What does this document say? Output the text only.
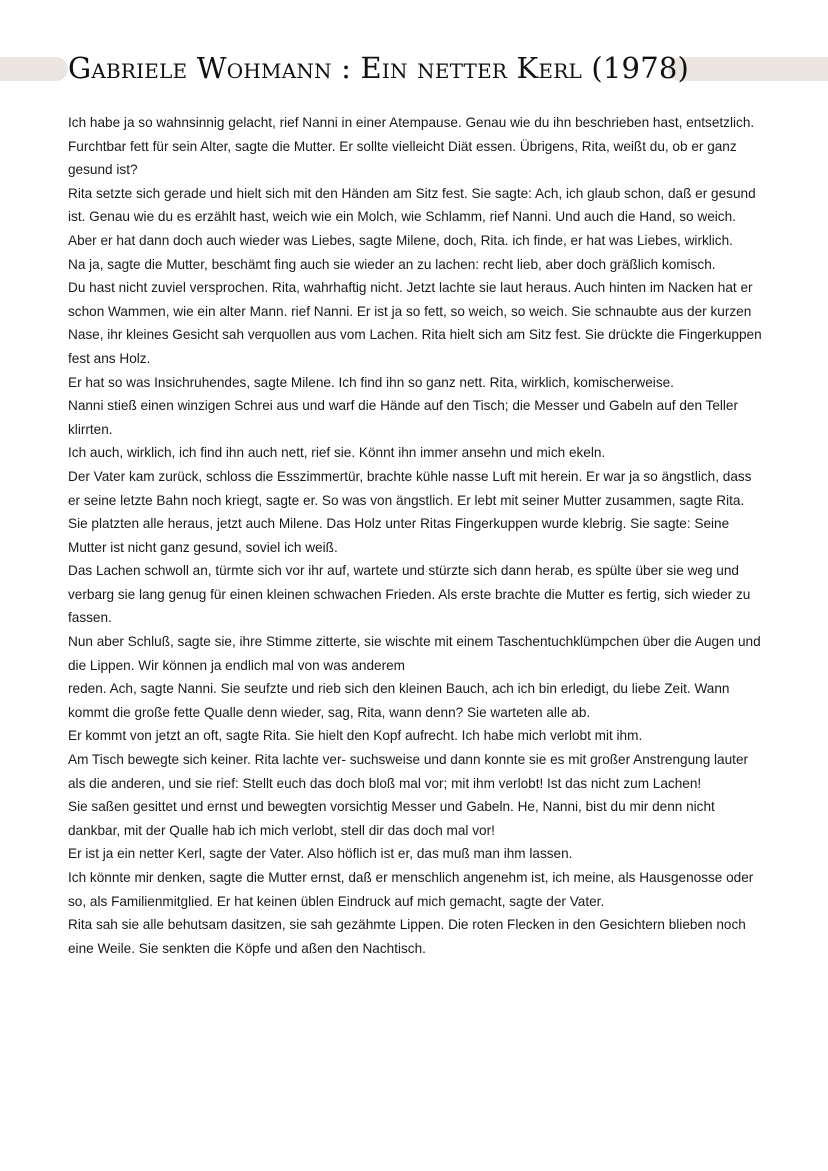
Gabriele Wohmann : Ein netter Kerl (1978)

Ich habe ja so wahnsinnig gelacht, rief Nanni in einer Atempause. Genau wie du ihn beschrieben hast, entsetzlich.

Furchtbar fett für sein Alter, sagte die Mutter. Er sollte vielleicht Diät essen. Übrigens, Rita, weißt du, ob er ganz gesund ist?

Rita setzte sich gerade und hielt sich mit den Händen am Sitz fest. Sie sagte: Ach, ich glaub schon, daß er gesund ist. Genau wie du es erzählt hast, weich wie ein Molch, wie Schlamm, rief Nanni. Und auch die Hand, so weich.

Aber er hat dann doch auch wieder was Liebes, sagte Milene, doch, Rita. ich finde, er hat was Liebes, wirklich.

Na ja, sagte die Mutter, beschämt fing auch sie wieder an zu lachen: recht lieb, aber doch gräßlich komisch.

Du hast nicht zuviel versprochen. Rita, wahrhaftig nicht. Jetzt lachte sie laut heraus. Auch hinten im Nacken hat er schon Wammen, wie ein alter Mann. rief Nanni. Er ist ja so fett, so weich, so weich. Sie schnaubte aus der kurzen Nase, ihr kleines Gesicht sah verquollen aus vom Lachen. Rita hielt sich am Sitz fest. Sie drückte die Fingerkuppen fest ans Holz.

Er hat so was Insichruhendes, sagte Milene. Ich find ihn so ganz nett. Rita, wirklich, komischerweise.

Nanni stieß einen winzigen Schrei aus und warf die Hände auf den Tisch; die Messer und Gabeln auf den Teller klirrten.

Ich auch, wirklich, ich find ihn auch nett, rief sie. Könnt ihn immer ansehn und mich ekeln.

Der Vater kam zurück, schloss die Esszimmertür, brachte kühle nasse Luft mit herein. Er war ja so ängstlich, dass er seine letzte Bahn noch kriegt, sagte er. So was von ängstlich. Er lebt mit seiner Mutter zusammen, sagte Rita. Sie platzten alle heraus, jetzt auch Milene. Das Holz unter Ritas Fingerkuppen wurde klebrig. Sie sagte: Seine Mutter ist nicht ganz gesund, soviel ich weiß.

Das Lachen schwoll an, türmte sich vor ihr auf, wartete und stürzte sich dann herab, es spülte über sie weg und verbarg sie lang genug für einen kleinen schwachen Frieden. Als erste brachte die Mutter es fertig, sich wieder zu fassen.

Nun aber Schluß, sagte sie, ihre Stimme zitterte, sie wischte mit einem Taschentuchklümpchen über die Augen und die Lippen. Wir können ja endlich mal von was anderem

reden. Ach, sagte Nanni. Sie seufzte und rieb sich den kleinen Bauch, ach ich bin erledigt, du liebe Zeit. Wann kommt die große fette Qualle denn wieder, sag, Rita, wann denn? Sie warteten alle ab.

Er kommt von jetzt an oft, sagte Rita. Sie hielt den Kopf aufrecht. Ich habe mich verlobt mit ihm.

Am Tisch bewegte sich keiner. Rita lachte ver- suchsweise und dann konnte sie es mit großer Anstrengung lauter als die anderen, und sie rief: Stellt euch das doch bloß mal vor; mit ihm verlobt! Ist das nicht zum Lachen!

Sie saßen gesittet und ernst und bewegten vorsichtig Messer und Gabeln. He, Nanni, bist du mir denn nicht dankbar, mit der Qualle hab ich mich verlobt, stell dir das doch mal vor!

Er ist ja ein netter Kerl, sagte der Vater. Also höflich ist er, das muß man ihm lassen.

Ich könnte mir denken, sagte die Mutter ernst, daß er menschlich angenehm ist, ich meine, als Hausgenosse oder so, als Familienmitglied. Er hat keinen üblen Eindruck auf mich gemacht, sagte der Vater.

Rita sah sie alle behutsam dasitzen, sie sah gezähmte Lippen. Die roten Flecken in den Gesichtern blieben noch eine Weile. Sie senkten die Köpfe und aßen den Nachtisch.
